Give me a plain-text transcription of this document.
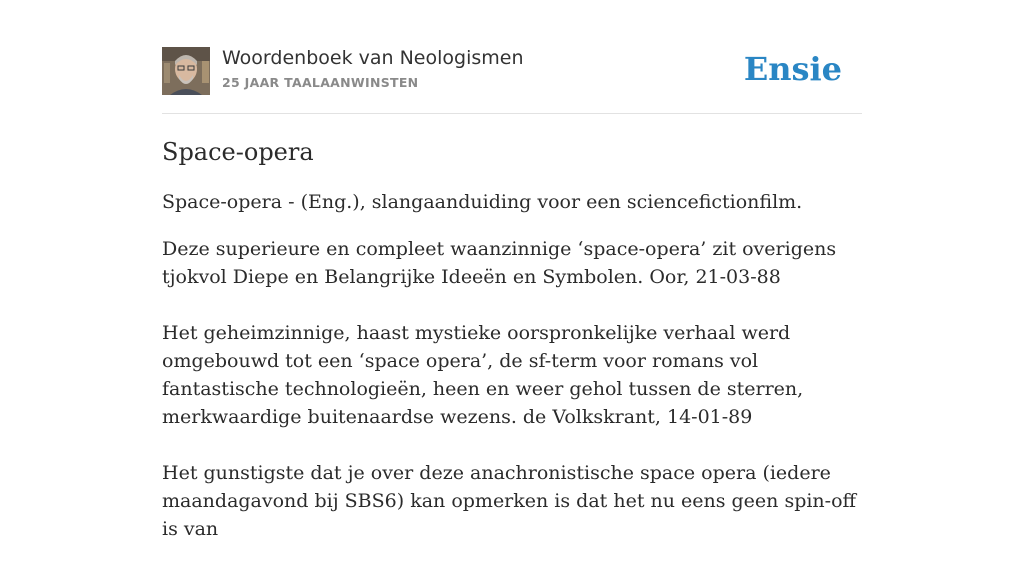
Woordenboek van Neologismen
25 JAAR TAALAANWINSTEN	Ensie
Space-opera

Space-opera - (Eng.), slangaanduiding voor een sciencefictionfilm.

Deze superieure en compleet waanzinnige ‘space-opera’ zit overigens tjokvol Diepe en Belangrijke Ideeën en Symbolen. Oor, 21-03-88

Het geheimzinnige, haast mystieke oorspronkelijke verhaal werd omgebouwd tot een ‘space opera’, de sf-term voor romans vol fantastische technologieën, heen en weer gehol tussen de sterren, merkwaardige buitenaardse wezens. de Volkskrant, 14-01-89

Het gunstigste dat je over deze anachronistische space opera (iedere maandagavond bij SBS6) kan opmerken is dat het nu eens geen spin-off is van
